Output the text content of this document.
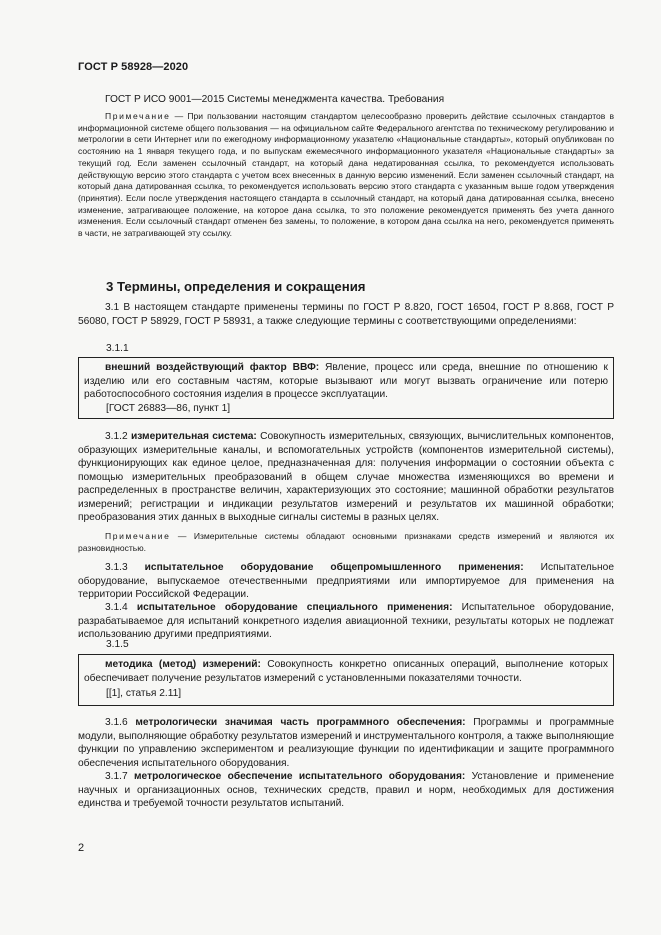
ГОСТ Р 58928—2020
ГОСТ Р ИСО 9001—2015 Системы менеджмента качества. Требования
Примечание — При пользовании настоящим стандартом целесообразно проверить действие ссылочных стандартов в информационной системе общего пользования — на официальном сайте Федерального агентства по техническому регулированию и метрологии в сети Интернет или по ежегодному информационному указателю «Национальные стандарты», который опубликован по состоянию на 1 января текущего года, и по выпускам ежемесячного информационного указателя «Национальные стандарты» за текущий год. Если заменен ссылочный стандарт, на который дана недатированная ссылка, то рекомендуется использовать действующую версию этого стандарта с учетом всех внесенных в данную версию изменений. Если заменен ссылочный стандарт, на который дана датированная ссылка, то рекомендуется использовать версию этого стандарта с указанным выше годом утверждения (принятия). Если после утверждения настоящего стандарта в ссылочный стандарт, на который дана датированная ссылка, внесено изменение, затрагивающее положение, на которое дана ссылка, то это положение рекомендуется применять без учета данного изменения. Если ссылочный стандарт отменен без замены, то положение, в котором дана ссылка на него, рекомендуется применять в части, не затрагивающей эту ссылку.
3 Термины, определения и сокращения
3.1 В настоящем стандарте применены термины по ГОСТ Р 8.820, ГОСТ 16504, ГОСТ Р 8.868, ГОСТ Р 56080, ГОСТ Р 58929, ГОСТ Р 58931, а также следующие термины с соответствующими определениями:
3.1.1
внешний воздействующий фактор ВВФ: Явление, процесс или среда, внешние по отношению к изделию или его составным частям, которые вызывают или могут вызвать ограничение или потерю работоспособного состояния изделия в процессе эксплуатации.
[ГОСТ 26883—86, пункт 1]
3.1.2 измерительная система: Совокупность измерительных, связующих, вычислительных компонентов, образующих измерительные каналы, и вспомогательных устройств (компонентов измерительной системы), функционирующих как единое целое, предназначенная для: получения информации о состоянии объекта с помощью измерительных преобразований в общем случае множества изменяющихся во времени и распределенных в пространстве величин, характеризующих это состояние; машинной обработки результатов измерений; регистрации и индикации результатов измерений и результатов их машинной обработки; преобразования этих данных в выходные сигналы системы в разных целях.
Примечание — Измерительные системы обладают основными признаками средств измерений и являются их разновидностью.
3.1.3 испытательное оборудование общепромышленного применения: Испытательное оборудование, выпускаемое отечественными предприятиями или импортируемое для применения на территории Российской Федерации.
3.1.4 испытательное оборудование специального применения: Испытательное оборудование, разрабатываемое для испытаний конкретного изделия авиационной техники, результаты которых не подлежат использованию другими предприятиями.
3.1.5
методика (метод) измерений: Совокупность конкретно описанных операций, выполнение которых обеспечивает получение результатов измерений с установленными показателями точности.
[[1], статья 2.11]
3.1.6 метрологически значимая часть программного обеспечения: Программы и программные модули, выполняющие обработку результатов измерений и инструментального контроля, а также выполняющие функции по управлению экспериментом и реализующие функции по идентификации и защите программного обеспечения испытательного оборудования.
3.1.7 метрологическое обеспечение испытательного оборудования: Установление и применение научных и организационных основ, технических средств, правил и норм, необходимых для достижения единства и требуемой точности результатов испытаний.
2
